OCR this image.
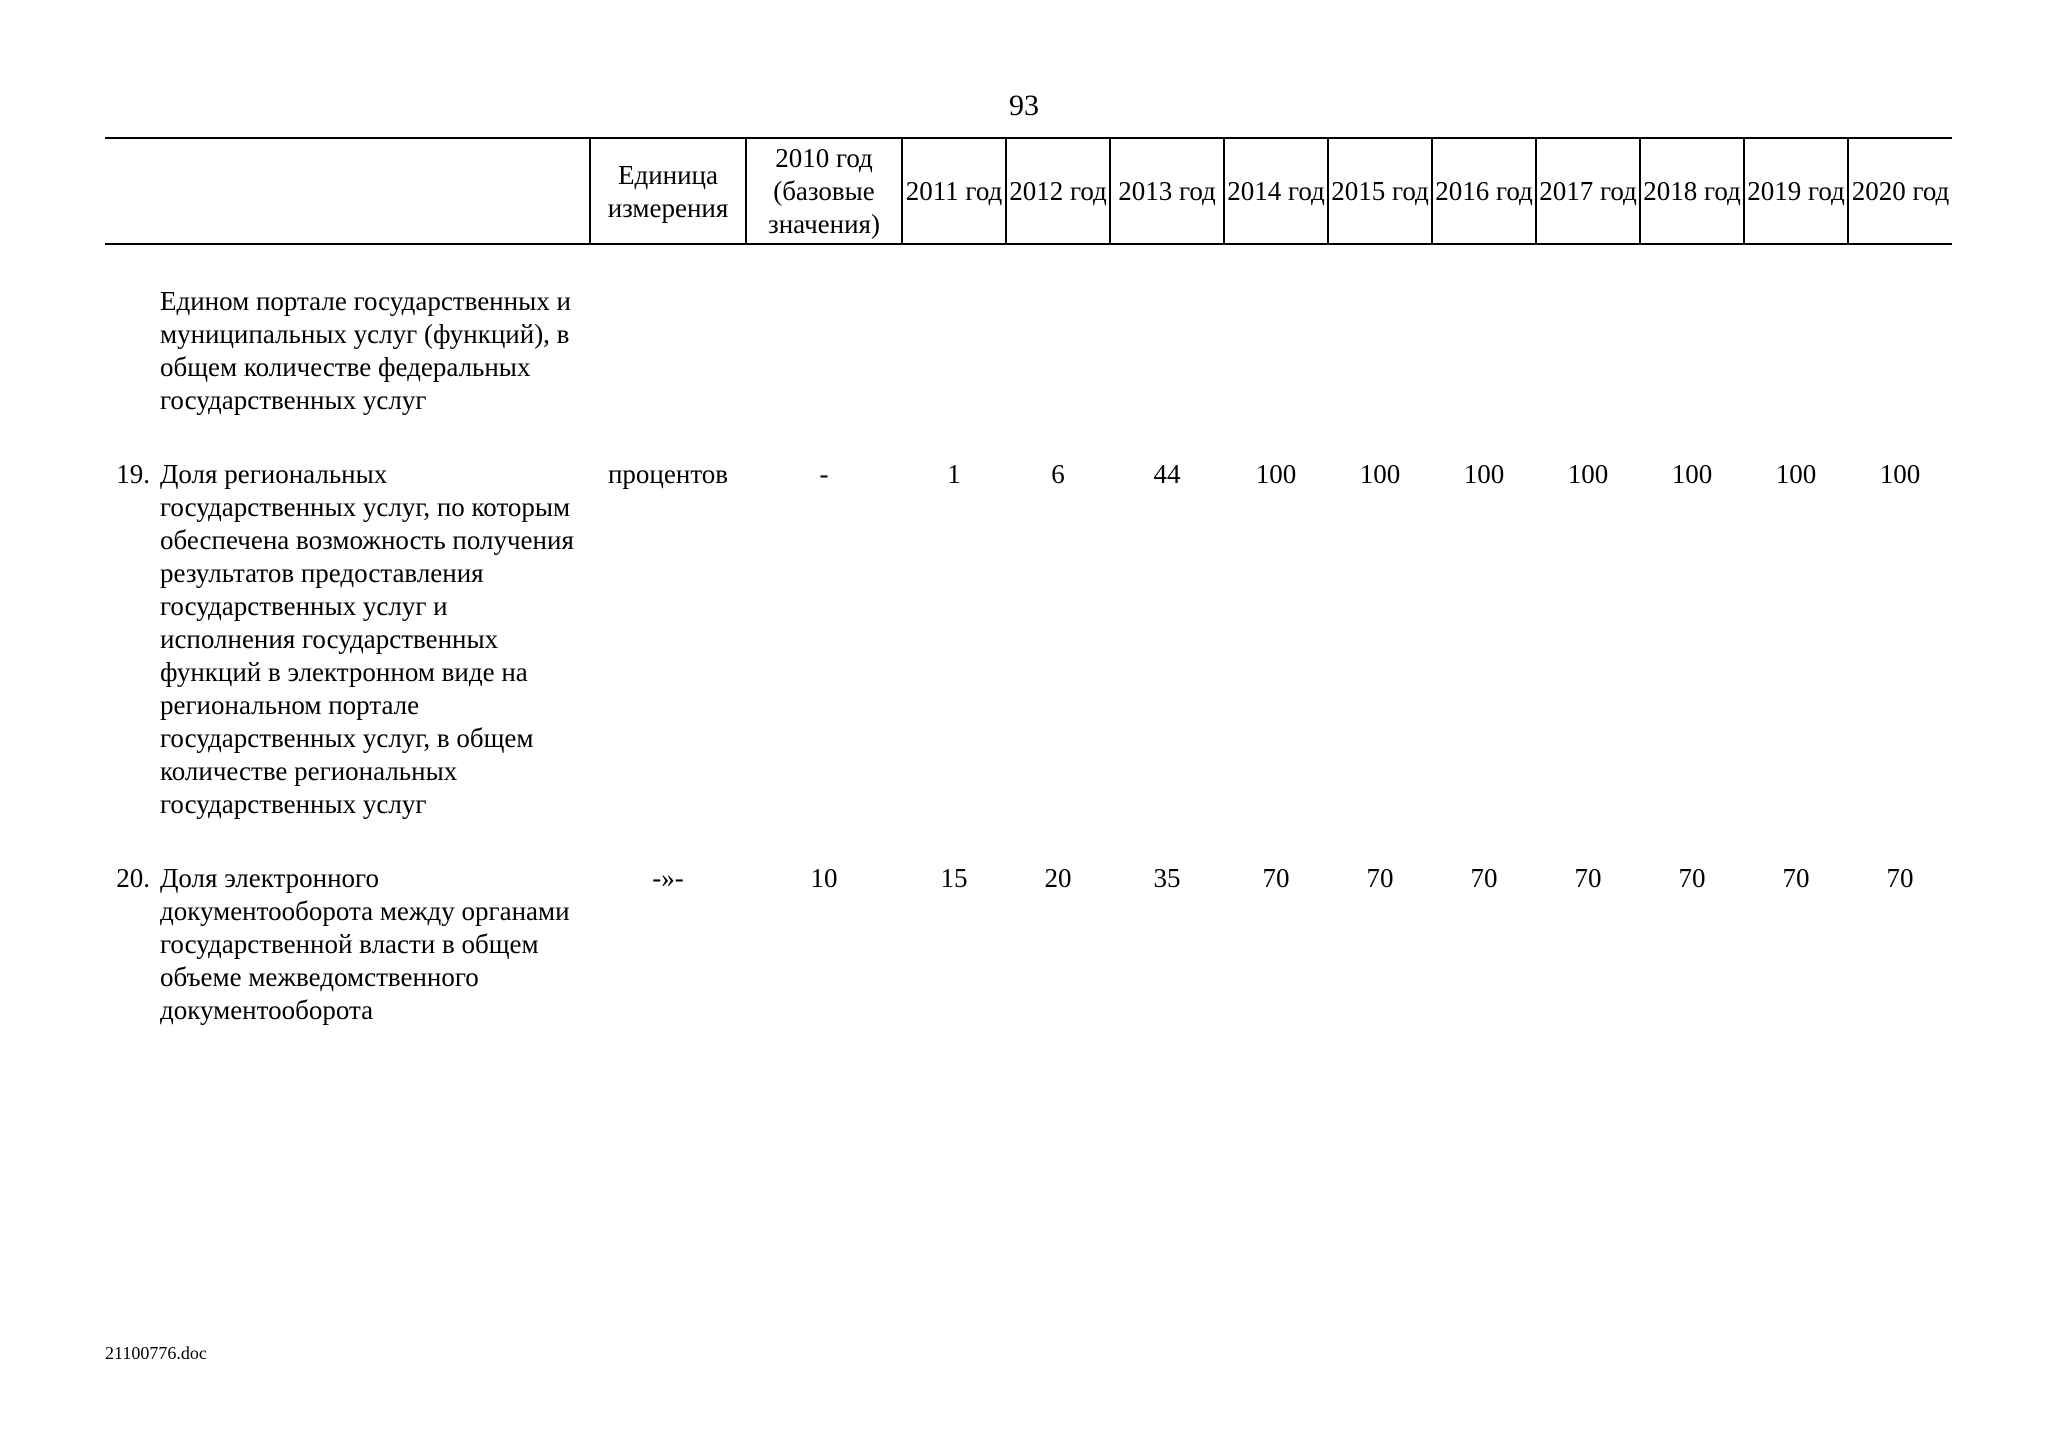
93
	Единица измерения	2010 год (базовые значения)	2011 год	2012 год	2013 год	2014 год	2015 год	2016 год	2017 год	2018 год	2019 год	2020 год

Едином портале государственных и муниципальных услуг (функций), в общем количестве федеральных государственных услуг												

19. Доля региональных государственных услуг, по которым обеспечена возможность получения результатов предоставления государственных услуг и исполнения государственных функций в электронном виде на региональном портале государственных услуг, в общем количестве региональных государственных услуг	процентов	-	1	6	44	100	100	100	100	100	100	100

20. Доля электронного документооборота между органами государственной власти в общем объеме межведомственного документооборота	-»-	10	15	20	35	70	70	70	70	70	70	70
21100776.doc
